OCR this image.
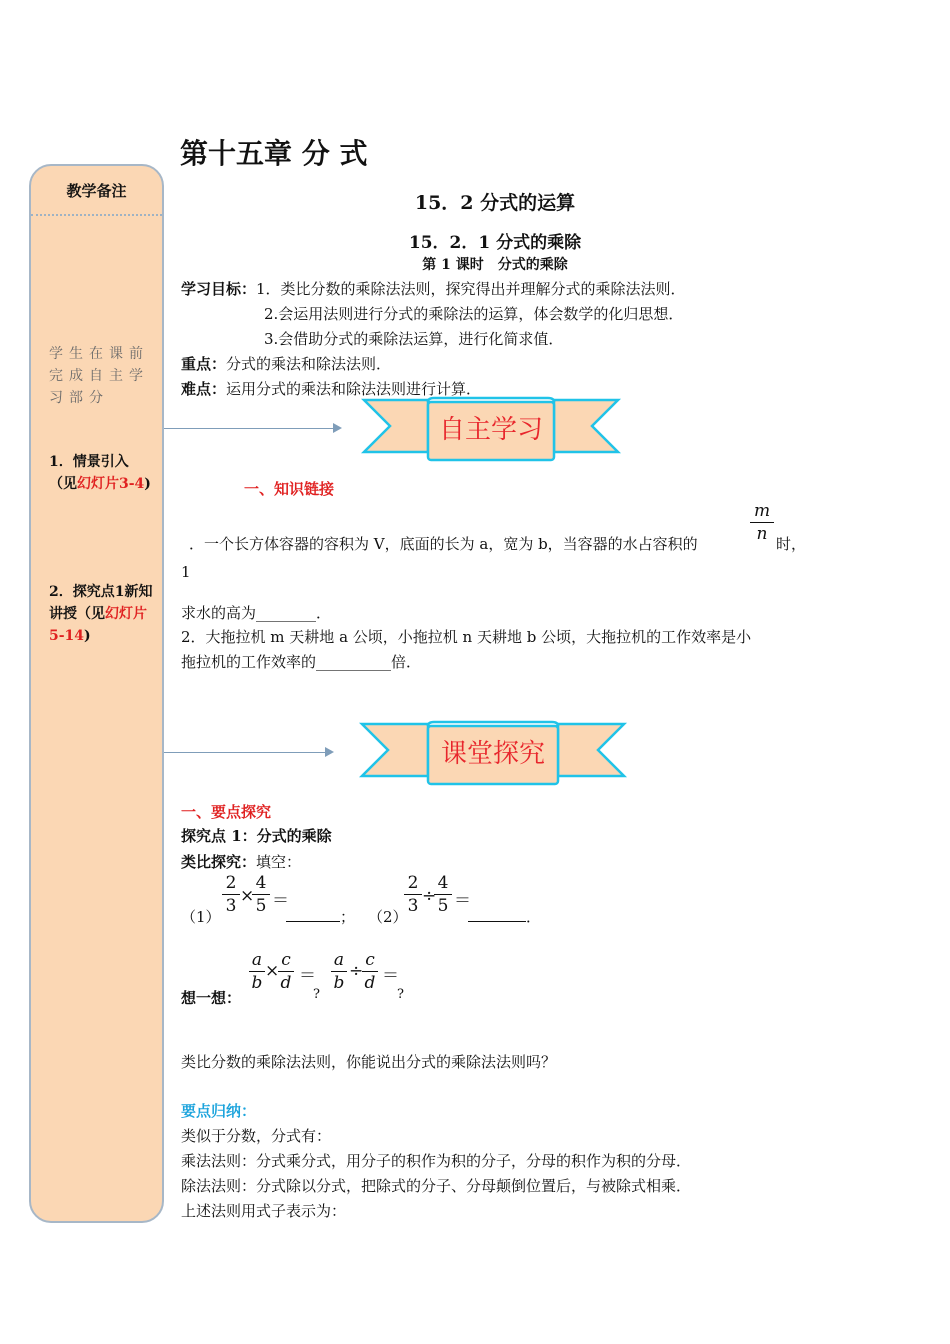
第十五章 分 式
教学备注
学生在课前完成自主学习部分
1．情景引入（见幻灯片3-4)
2．探究点1新知讲授（见幻灯片5-14)
15．2 分式的运算
15．2．1 分式的乘除
第 1 课时　分式的乘除
学习目标：1．类比分数的乘除法法则，探究得出并理解分式的乘除法法则．
2.会运用法则进行分式的乘除法的运算，体会数学的化归思想．
3.会借助分式的乘除法运算，进行化简求值．
重点：分式的乘法和除法法则．
难点：运用分式的乘法和除法法则进行计算．
自主学习
一、知识链接
m
n
．一个长方体容器的容积为 V，底面的长为 a，宽为 b，当容器的水占容积的	时，
1
求水的高为________．
2．大拖拉机 m 天耕地 a 公顷，小拖拉机 n 天耕地 b 公顷，大拖拉机的工作效率是小
拖拉机的工作效率的__________倍．
课堂探究
一、要点探究
探究点 1：分式的乘除
类比探究：填空：
（1）
2
3 ×
4
5 ＝
； （2）
2
3 ÷
4
5 ＝
．
想一想：
a
b
×
c
d ＝
?
a
b
÷
c
d ＝
?
类比分数的乘除法法则，你能说出分式的乘除法法则吗？
要点归纳：
类似于分数，分式有：
乘法法则：分式乘分式，用分子的积作为积的分子，分母的积作为积的分母．
除法法则：分式除以分式，把除式的分子、分母颠倒位置后，与被除式相乘．
上述法则用式子表示为：
